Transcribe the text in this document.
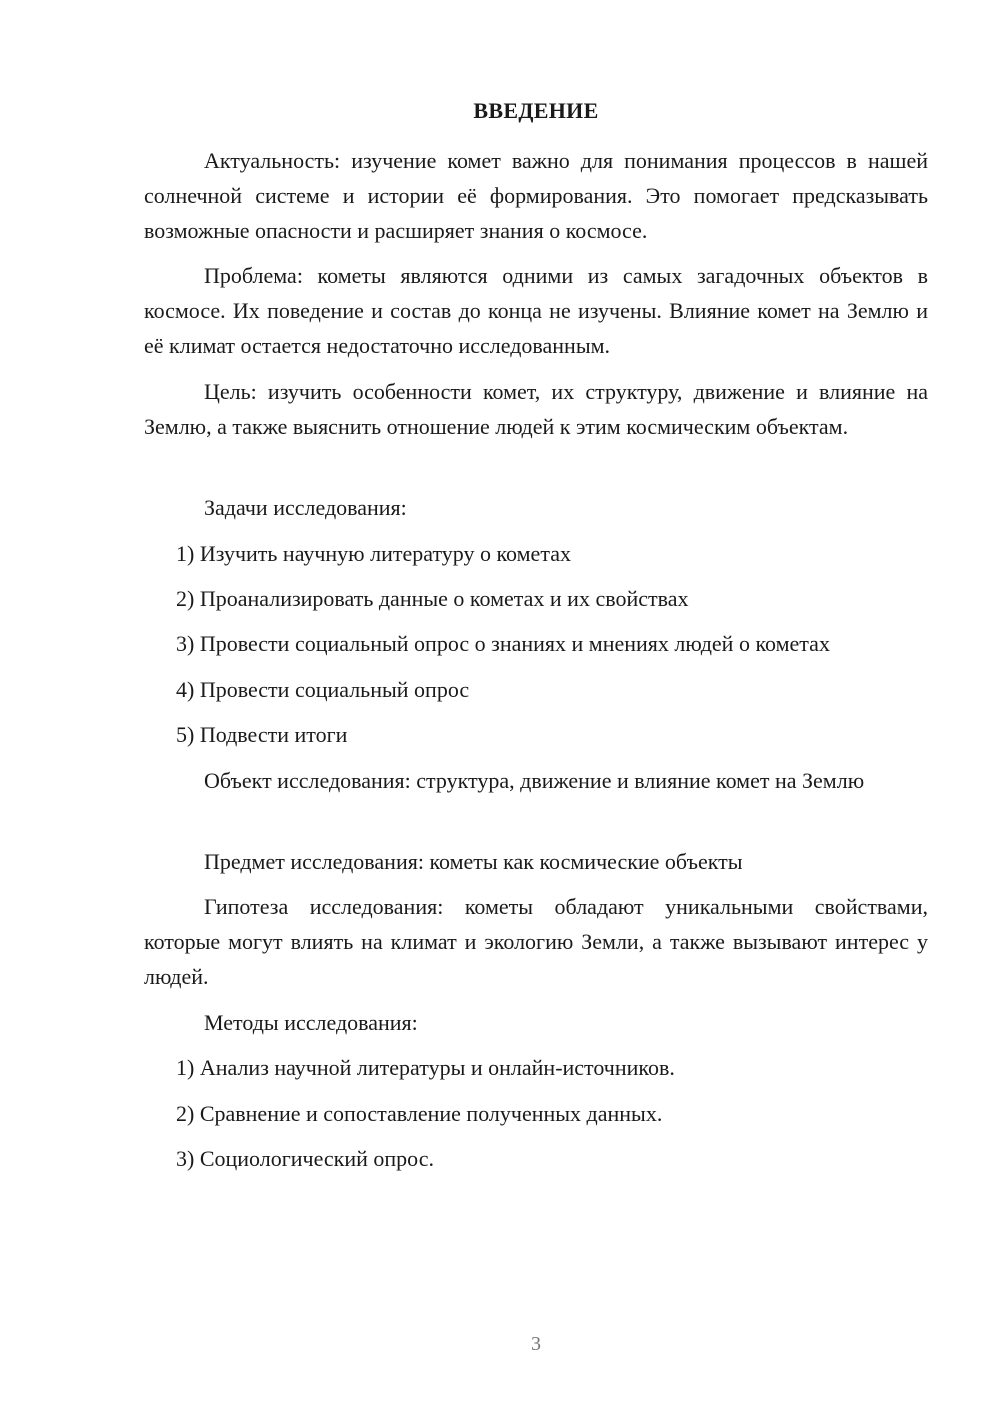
ВВЕДЕНИЕ

Актуальность: изучение комет важно для понимания процессов в нашей солнечной системе и истории её формирования. Это помогает предсказывать возможные опасности и расширяет знания о космосе.

Проблема: кометы являются одними из самых загадочных объектов в космосе. Их поведение и состав до конца не изучены. Влияние комет на Землю и её климат остается недостаточно исследованным.

Цель: изучить особенности комет, их структуру, движение и влияние на Землю, а также выяснить отношение людей к этим космическим объектам.

Задачи исследования:

1) Изучить научную литературу о кометах

2) Проанализировать данные о кометах и их свойствах

3) Провести социальный опрос о знаниях и мнениях людей о кометах

4) Провести социальный опрос

5) Подвести итоги

Объект исследования: структура, движение и влияние комет на Землю

Предмет исследования: кометы как космические объекты

Гипотеза исследования: кометы обладают уникальными свойствами, которые могут влиять на климат и экологию Земли, а также вызывают интерес у людей.

Методы исследования:

1) Анализ научной литературы и онлайн-источников.

2) Сравнение и сопоставление полученных данных.

3) Социологический опрос.

3
